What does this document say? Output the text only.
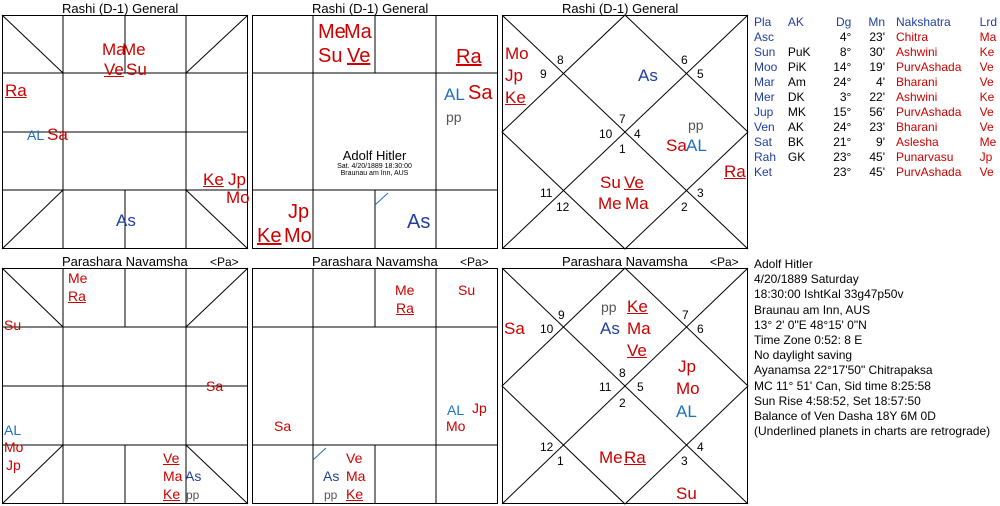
Rashi (D-1) General
Ma
Me
Ve Su
Ra
AL Sa
Ke Jp
Mo
As
Rashi (D-1) General
Me
Ma
Su Ve	Ra
AL Sa
pp
Adolf Hitler
Sat. 4/20/1889 18:30:00
Braunau am Inn, AUS
Jp
Ke Mo
As
Rashi (D-1) General
7
4
1
10
6
5
8
9
11
12
3
2
Mo
Jp
Ke
As
pp
Sa AL
Ra
Su Ve
Me Ma
Pla	AK	Dg	Mn	Nakshatra	Lrd
Asc		4°	23'	Chitra	Ma
Sun	PuK	8°	30'	Ashwini	Ke
Moo	PiK	14°	19'	PurvAshada	Ve
Mar	Am	24°	4'	Bharani	Ve
Mer	DK	3°	22'	Ashwini	Ke
Jup	MK	15°	56'	PurvAshada	Ve
Ven	AK	24°	23'	Bharani	Ve
Sat	BK	21°	9'	Aslesha	Me
Rah	GK	23°	45'	Punarvasu	Jp
Ket		23°	45'	PurvAshada	Ve
Parashara Navamsha <Pa>
Me
Ra
Su
Sa
AL
Mo
Jp	Ve
Ma As
Ke pp
Parashara Navamsha <Pa>
Me
Ra
Su
AL Jp
Mo
Sa
As
Ve
Ma
pp Ke
Parashara Navamsha <Pa>
8
5
2
11
7
6
9
10
12
1
4
3
Sa
pp Ke
As Ma
Ve
Jp
Mo
AL
Me Ra
Su
Adolf Hitler
4/20/1889 Saturday
18:30:00 IshtKal 33g47p50v
Braunau am Inn, AUS
13° 2' 0"E 48°15' 0"N
Time Zone 0:52: 8 E
No daylight saving
Ayanamsa 22°17'50" Chitrapaksa
MC 11° 51' Can, Sid time 8:25:58
Sun Rise 4:58:52, Set 18:57:50
Balance of Ven Dasha 18Y 6M 0D
(Underlined planets in charts are retrograde)
